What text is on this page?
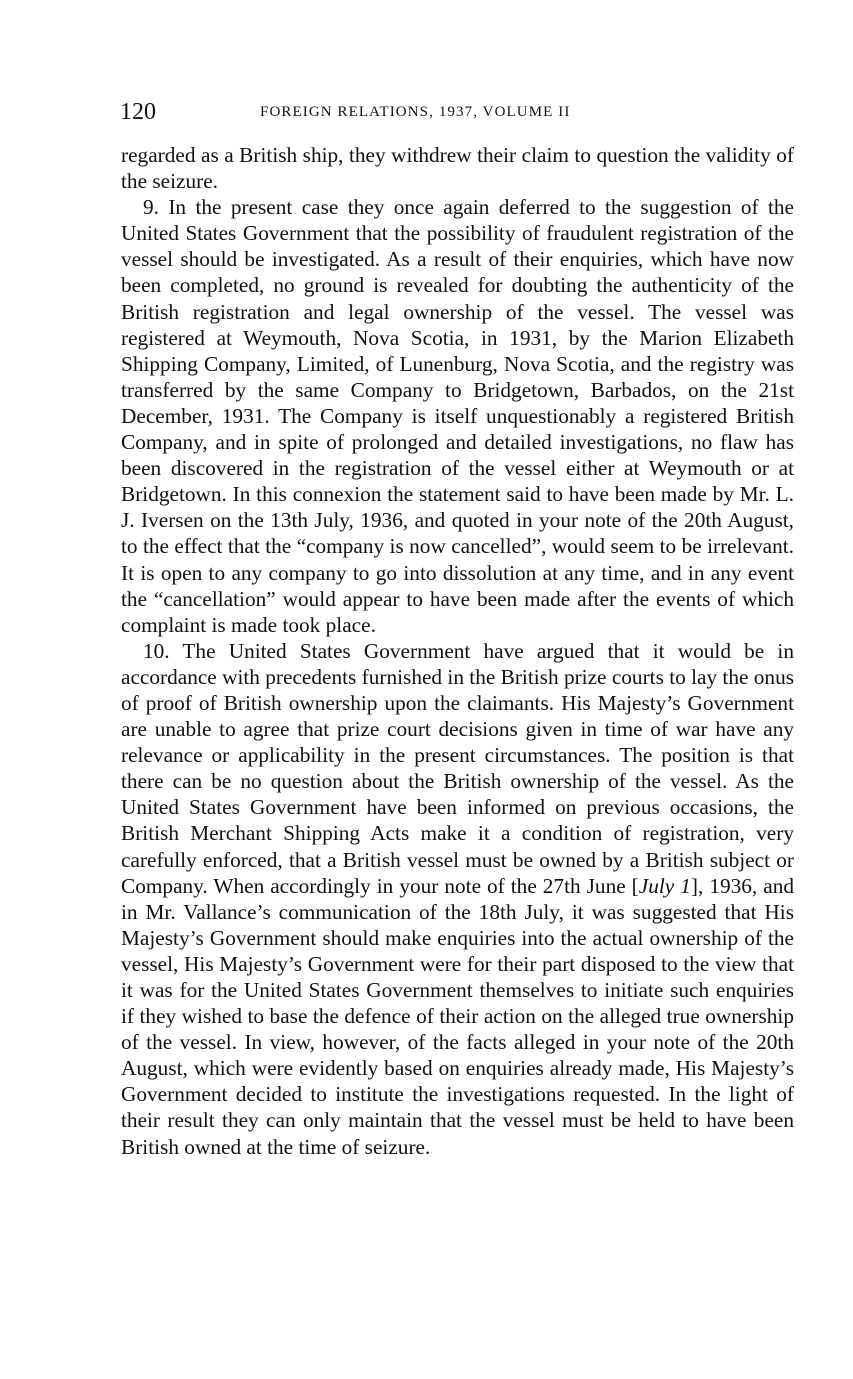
120	FOREIGN RELATIONS, 1937, VOLUME II

regarded as a British ship, they withdrew their claim to question the validity of the seizure.

9. In the present case they once again deferred to the suggestion of the United States Government that the possibility of fraudulent registration of the vessel should be investigated. As a result of their enquiries, which have now been completed, no ground is revealed for doubting the authenticity of the British registration and legal ownership of the vessel. The vessel was registered at Weymouth, Nova Scotia, in 1931, by the Marion Elizabeth Shipping Company, Limited, of Lunenburg, Nova Scotia, and the registry was transferred by the same Company to Bridgetown, Barbados, on the 21st December, 1931. The Company is itself unquestionably a registered British Company, and in spite of prolonged and detailed investigations, no flaw has been discovered in the registration of the vessel either at Weymouth or at Bridgetown. In this connexion the statement said to have been made by Mr. L. J. Iversen on the 13th July, 1936, and quoted in your note of the 20th August, to the effect that the “company is now cancelled”, would seem to be irrelevant. It is open to any company to go into dissolution at any time, and in any event the “cancellation” would appear to have been made after the events of which complaint is made took place.

10. The United States Government have argued that it would be in accordance with precedents furnished in the British prize courts to lay the onus of proof of British ownership upon the claimants. His Majesty’s Government are unable to agree that prize court decisions given in time of war have any relevance or applicability in the present circumstances. The position is that there can be no question about the British ownership of the vessel. As the United States Government have been informed on previous occasions, the British Merchant Shipping Acts make it a condition of registration, very carefully enforced, that a British vessel must be owned by a British subject or Company. When accordingly in your note of the 27th June [July 1], 1936, and in Mr. Vallance’s communication of the 18th July, it was suggested that His Majesty’s Government should make enquiries into the actual ownership of the vessel, His Majesty’s Government were for their part disposed to the view that it was for the United States Government themselves to initiate such enquiries if they wished to base the defence of their action on the alleged true ownership of the vessel. In view, however, of the facts alleged in your note of the 20th August, which were evidently based on enquiries already made, His Majesty’s Government decided to institute the investigations requested. In the light of their result they can only maintain that the vessel must be held to have been British owned at the time of seizure.
